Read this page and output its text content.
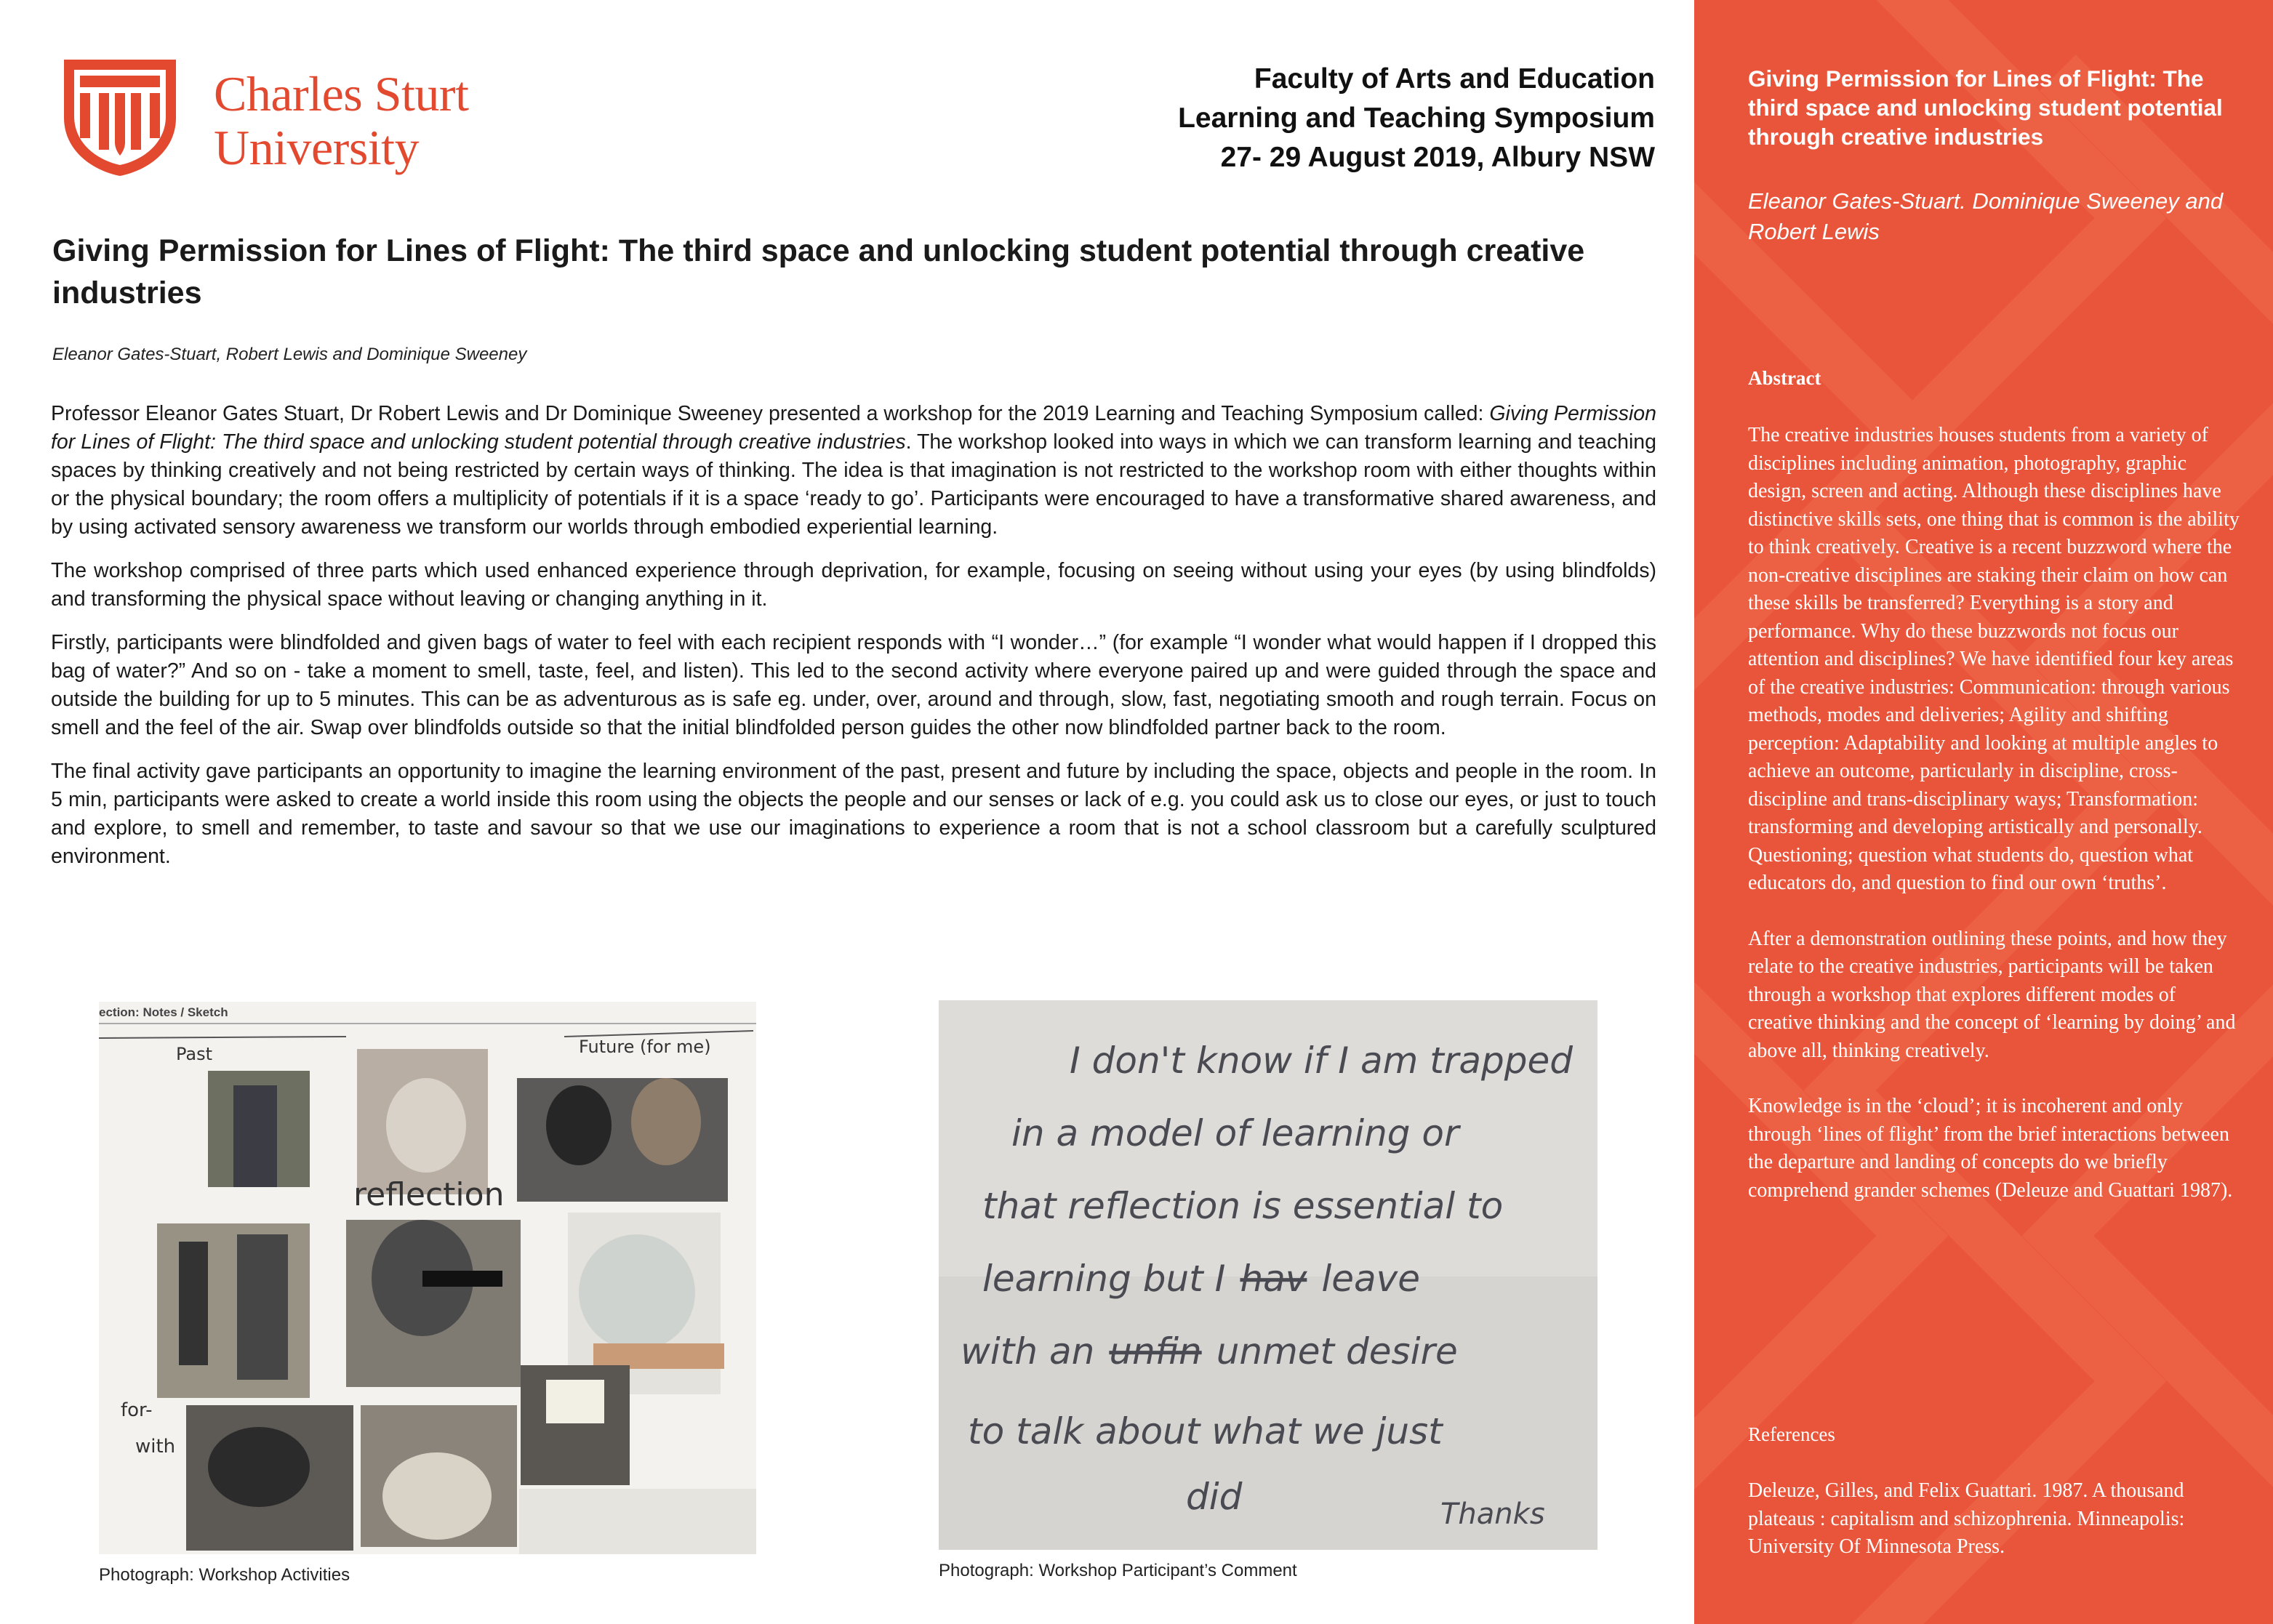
Charles Sturt
University
Faculty of Arts and Education
Learning and Teaching Symposium
27- 29 August 2019, Albury NSW
Giving Permission for Lines of Flight: The third space and unlocking student potential through creative industries
Eleanor Gates-Stuart, Robert Lewis and Dominique Sweeney

Professor Eleanor Gates Stuart, Dr Robert Lewis and Dr Dominique Sweeney presented a workshop for the 2019 Learning and Teaching Symposium called: Giving Permission for Lines of Flight: The third space and unlocking student potential through creative industries. The workshop looked into ways in which we can transform learning and teaching spaces by thinking creatively and not being restricted by certain ways of thinking. The idea is that imagination is not restricted to the workshop room with either thoughts within or the physical boundary; the room offers a multiplicity of potentials if it is a space ‘ready to go’. Participants were encouraged to have a transformative shared awareness, and by using activated sensory awareness we transform our worlds through embodied experiential learning.

The workshop comprised of three parts which used enhanced experience through deprivation, for example, focusing on seeing without using your eyes (by using blindfolds) and transforming the physical space without leaving or changing anything in it.

Firstly, participants were blindfolded and given bags of water to feel with each recipient responds with “I wonder…” (for example “I wonder what would happen if I dropped this bag of water?” And so on - take a moment to smell, taste, feel, and listen). This led to the second activity where everyone paired up and were guided through the space and outside the building for up to 5 minutes. This can be as adventurous as is safe eg. under, over, around and through, slow, fast, negotiating smooth and rough terrain. Focus on smell and the feel of the air. Swap over blindfolds outside so that the initial blindfolded person guides the other now blindfolded partner back to the room.

The final activity gave participants an opportunity to imagine the learning environment of the past, present and future by including the space, objects and people in the room. In 5 min, participants were asked to create a world inside this room using the objects the people and our senses or lack of e.g. you could ask us to close our eyes, or just to touch and explore, to smell and remember, to taste and savour so that we use our imaginations to experience a room that is not a school classroom but a carefully sculptured environment.

ection: Notes / Sketch
Past	Future (for me)
reflection
for-
with
Photograph: Workshop Activities
I don't know if I am trapped
in a model of learning or
that reflection is essential to
learning but I hav leave
with an unfin unmet desire
to talk about what we just
did	Thanks
Photograph: Workshop Participant’s Comment
Giving Permission for Lines of Flight: The third space and unlocking student potential through creative industries
Eleanor Gates-Stuart. Dominique Sweeney and Robert Lewis
Abstract

The creative industries houses students from a variety of disciplines including animation, photography, graphic design, screen and acting. Although these disciplines have distinctive skills sets, one thing that is common is the ability to think creatively. Creative is a recent buzzword where the non-creative disciplines are staking their claim on how can these skills be transferred? Everything is a story and performance. Why do these buzzwords not focus our attention and disciplines? We have identified four key areas of the creative industries: Communication: through various methods, modes and deliveries; Agility and shifting perception: Adaptability and looking at multiple angles to achieve an outcome, particularly in discipline, cross-discipline and trans-disciplinary ways; Transformation: transforming and developing artistically and personally. Questioning; question what students do, question what educators do, and question to find our own ‘truths’.

After a demonstration outlining these points, and how they relate to the creative industries, participants will be taken through a workshop that explores different modes of creative thinking and the concept of ‘learning by doing’ and above all, thinking creatively.

Knowledge is in the ‘cloud’; it is incoherent and only through ‘lines of flight’ from the brief interactions between the departure and landing of concepts do we briefly comprehend grander schemes (Deleuze and Guattari 1987).

References
Deleuze, Gilles, and Felix Guattari. 1987. A thousand plateaus : capitalism and schizophrenia. Minneapolis: University Of Minnesota Press.
